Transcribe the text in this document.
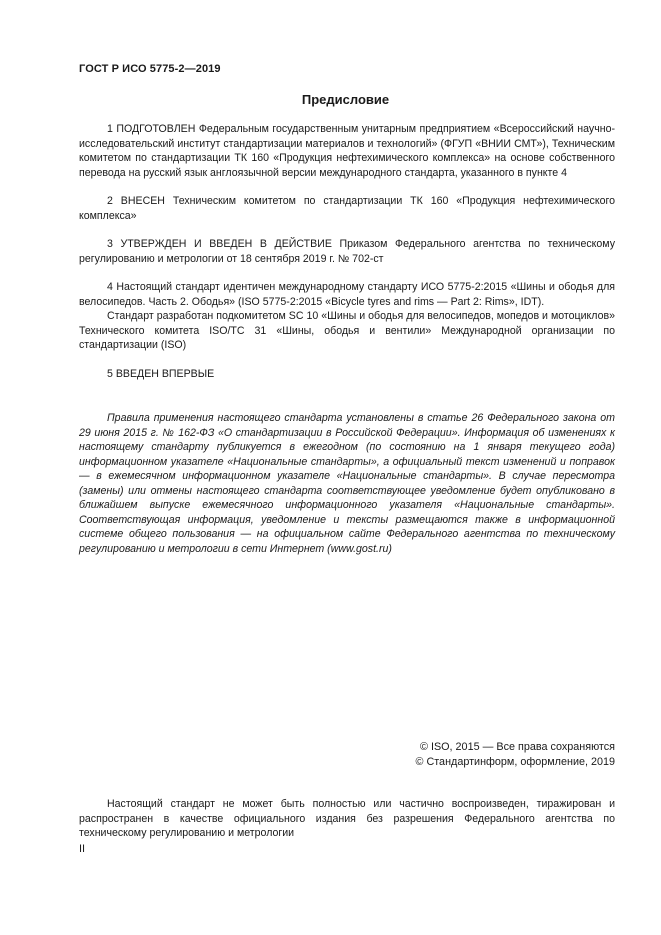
ГОСТ Р ИСО 5775-2—2019
Предисловие

1 ПОДГОТОВЛЕН Федеральным государственным унитарным предприятием «Всероссийский научно-исследовательский институт стандартизации материалов и технологий» (ФГУП «ВНИИ СМТ»), Техническим комитетом по стандартизации ТК 160 «Продукция нефтехимического комплекса» на основе собственного перевода на русский язык англоязычной версии международного стандарта, указанного в пункте 4

2 ВНЕСЕН Техническим комитетом по стандартизации ТК 160 «Продукция нефтехимического комплекса»

3 УТВЕРЖДЕН И ВВЕДЕН В ДЕЙСТВИЕ Приказом Федерального агентства по техническому регулированию и метрологии от 18 сентября 2019 г. № 702-ст

4 Настоящий стандарт идентичен международному стандарту ИСО 5775-2:2015 «Шины и ободья для велосипедов. Часть 2. Ободья» (ISO 5775-2:2015 «Bicycle tyres and rims — Part 2: Rims», IDT).

Стандарт разработан подкомитетом SC 10 «Шины и ободья для велосипедов, мопедов и мотоциклов» Технического комитета ISO/TC 31 «Шины, ободья и вентили» Международной организации по стандартизации (ISO)

5 ВВЕДЕН ВПЕРВЫЕ

Правила применения настоящего стандарта установлены в статье 26 Федерального закона от 29 июня 2015 г. № 162-ФЗ «О стандартизации в Российской Федерации». Информация об изменениях к настоящему стандарту публикуется в ежегодном (по состоянию на 1 января текущего года) информационном указателе «Национальные стандарты», а официальный текст изменений и поправок — в ежемесячном информационном указателе «Национальные стандарты». В случае пересмотра (замены) или отмены настоящего стандарта соответствующее уведомление будет опубликовано в ближайшем выпуске ежемесячного информационного указателя «Национальные стандарты». Соответствующая информация, уведомление и тексты размещаются также в информационной системе общего пользования — на официальном сайте Федерального агентства по техническому регулированию и метрологии в сети Интернет (www.gost.ru)

© ISO, 2015 — Все права сохраняются
© Стандартинформ, оформление, 2019

Настоящий стандарт не может быть полностью или частично воспроизведен, тиражирован и распространен в качестве официального издания без разрешения Федерального агентства по техническому регулированию и метрологии

II
